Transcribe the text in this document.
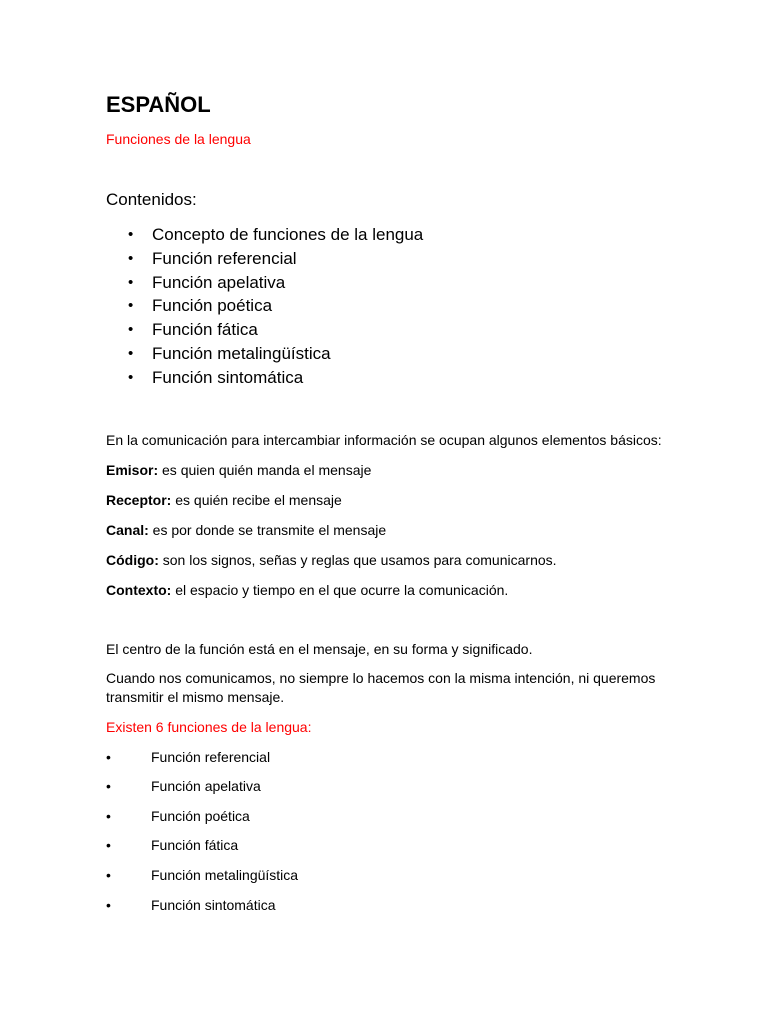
ESPAÑOL

Funciones de la lengua

Contenidos:

• Concepto de funciones de la lengua
• Función referencial
• Función apelativa
• Función poética
• Función fática
• Función metalingüística
• Función sintomática

En la comunicación para intercambiar información se ocupan algunos elementos básicos:

Emisor: es quien quién manda el mensaje

Receptor: es quién recibe el mensaje

Canal: es por donde se transmite el mensaje

Código: son los signos, señas y reglas que usamos para comunicarnos.

Contexto: el espacio y tiempo en el que ocurre la comunicación.

El centro de la función está en el mensaje, en su forma y significado.

Cuando nos comunicamos, no siempre lo hacemos con la misma intención, ni queremos transmitir el mismo mensaje.

Existen 6 funciones de la lengua:

•	Función referencial
•	Función apelativa
•	Función poética
•	Función fática
•	Función metalingüística
•	Función sintomática
